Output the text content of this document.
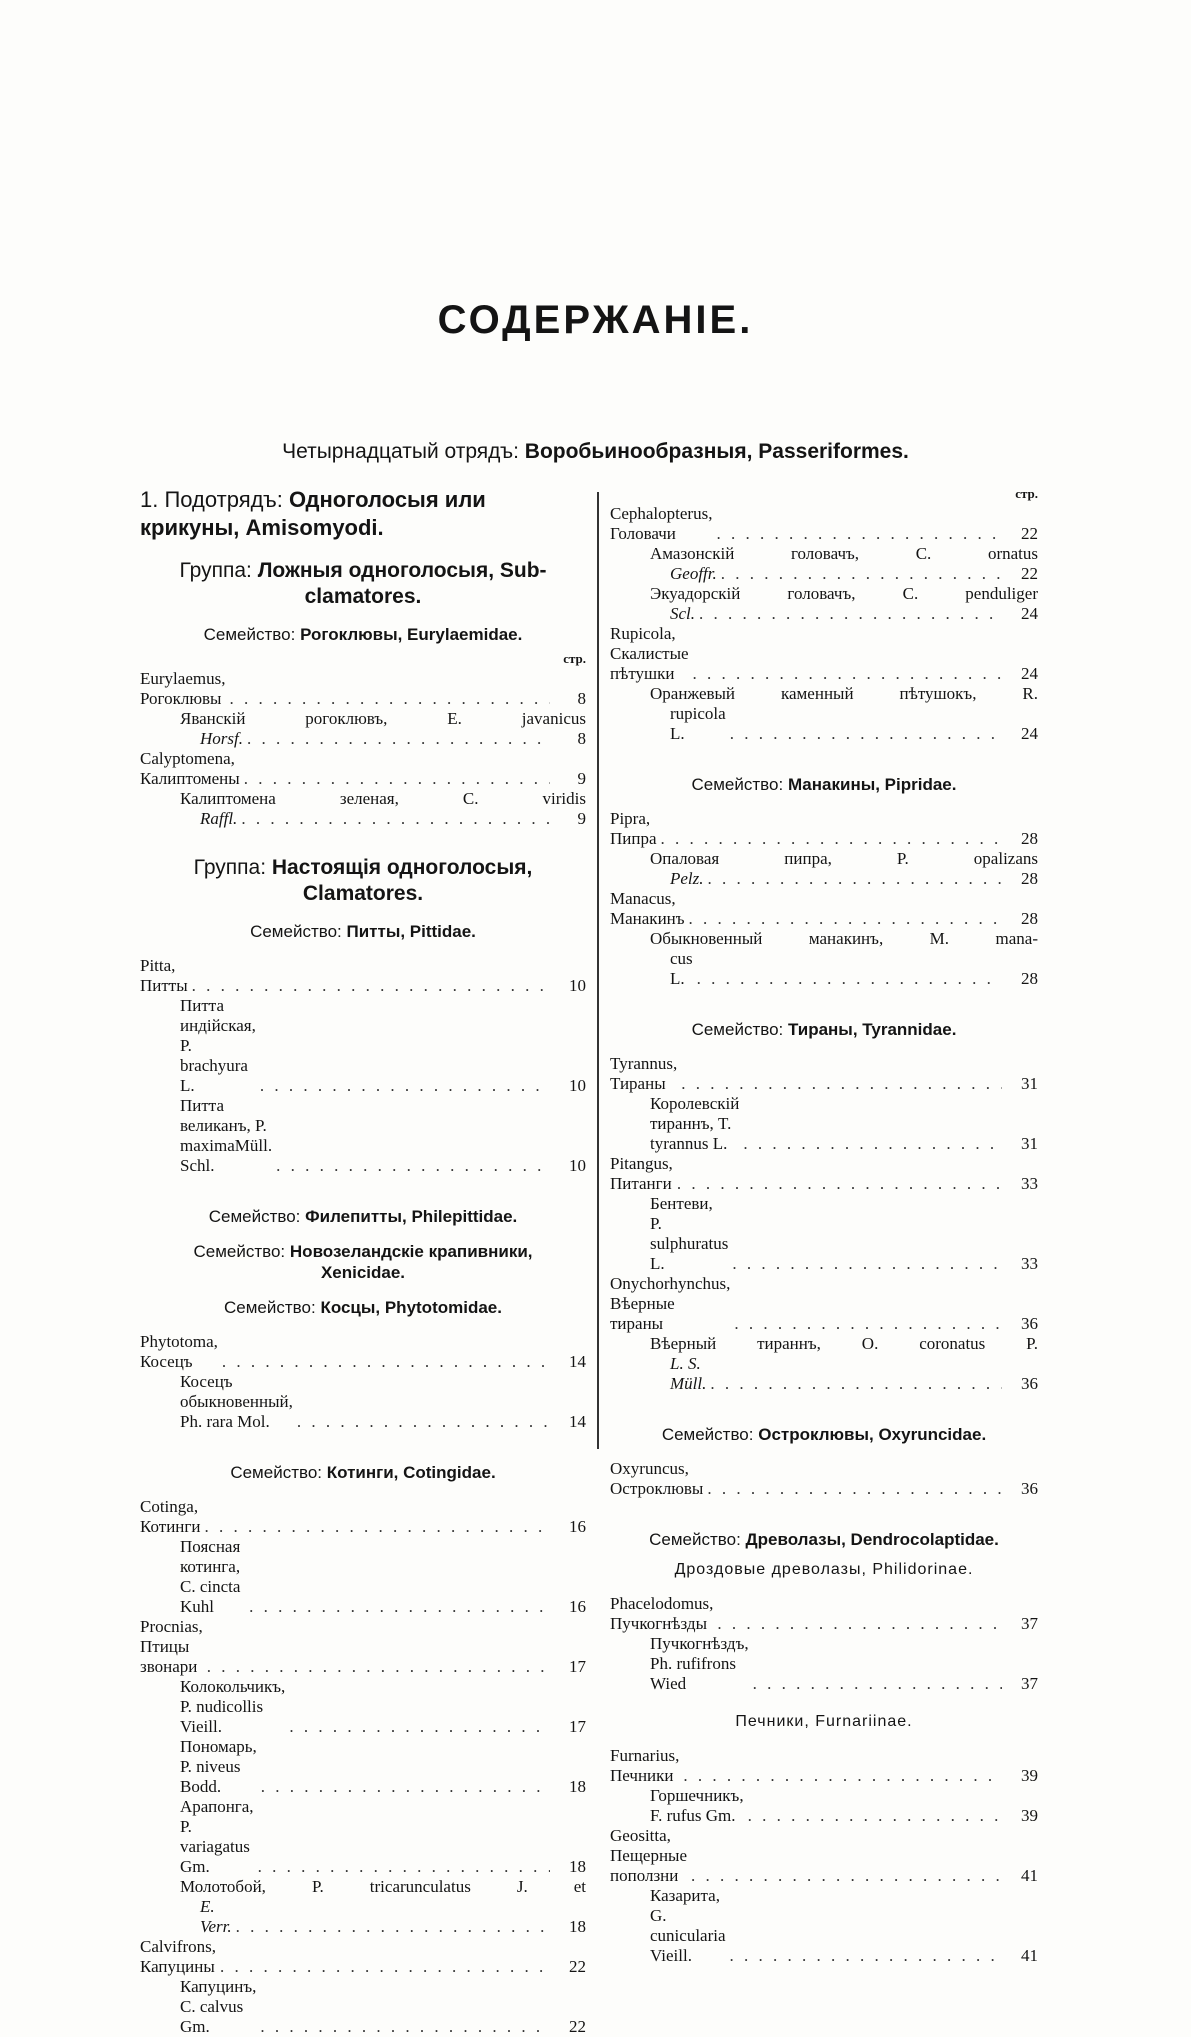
СОДЕРЖАНIЕ.
Четырнадцатый отрядъ: Воробьинообразныя, Passeriformes.
1. Подотрядъ: Одноголосыя или
крикуны, Amisomyodi.
Группа: Ложныя одноголосыя, Sub-
clamatores.
Семейство: Рогоклювы, Eurylaemidae.
стр.
Eurylaemus, Рогоклювы . . .	8
Яванскiй рогоклювъ, E. javanicus
Horsf. . . .	8
Calyptomena, Калиптомены . . .	9
Калиптомена зеленая, C. viridis
Raffl. . . .	9
Группа: Настоящiя одноголосыя,
Clamatores.
Семейство: Питты, Pittidae.
Pitta, Питты . . .	10
Питта индiйская, P. brachyura L. . . .	10
Питта великанъ, P. maximaMüll. Schl. . . .	10
Семейство: Филепитты, Philepittidae.
Семейство: Новозеландскiе крапивники,
Xenicidae.
Семейство: Косцы, Phytotomidae.
Phytotoma, Косецъ . . .	14
Косецъ обыкновенный, Ph. rara Mol. . . .	14
Семейство: Котинги, Cotingidae.
Cotinga, Котинги . . .	16
Поясная котинга, C. cincta Kuhl . . .	16
Procnias, Птицы звонари . . .	17
Колокольчикъ, P. nudicollis Vieill. . . .	17
Пономарь, P. niveus Bodd. . . .	18
Арапонга, P. variagatus Gm. . . .	18
Молотобой, P. tricarunculatus J. et
E. Verr. . . .	18
Calvifrons, Капуцины . . .	22
Капуцинъ, C. calvus Gm. . . .	22
стр.
Cephalopterus, Головачи . . .	22
Амазонскiй головачъ, C. ornatus
Geoffr. . . .	22
Экуадорскiй головачъ, C. penduliger
Scl. . . .	24
Rupicola, Скалистые пѣтушки . . .	24
Оранжевый каменный пѣтушокъ, R.
rupicola L. . . .	24
Семейство: Манакины, Pipridae.
Pipra, Пипра . . .	28
Опаловая пипра, P. opalizans
Pelz. . . .	28
Manacus, Манакинъ . . .	28
Обыкновенный манакинъ, M. mana-
cus L. . . .	28
Семейство: Тираны, Tyrannidae.
Tyrannus, Тираны . . .	31
Королевскiй тираннъ, T. tyrannus L. . . .	31
Pitangus, Питанги . . .	33
Бентеви, P. sulphuratus L. . . .	33
Onychorhynchus, Вѣерные тираны . . .	36
Вѣерный тираннъ, O. coronatus P.
L. S. Müll. . . .	36
Семейство: Остроклювы, Oxyruncidae.
Oxyruncus, Остроклювы . . .	36
Семейство: Древолазы, Dendrocolaptidae.
Дроздовые древолазы, Philidorinae.
Phacelodomus, Пучкогнѣзды . . .	37
Пучкогнѣздъ, Ph. rufifrons Wied . . .	37
Печники, Furnariinae.
Furnarius, Печники . . .	39
Горшечникъ, F. rufus Gm. . . .	39
Geositta, Пещерные поползни . . .	41
Казарита, G. cunicularia Vieill. . . .	41
